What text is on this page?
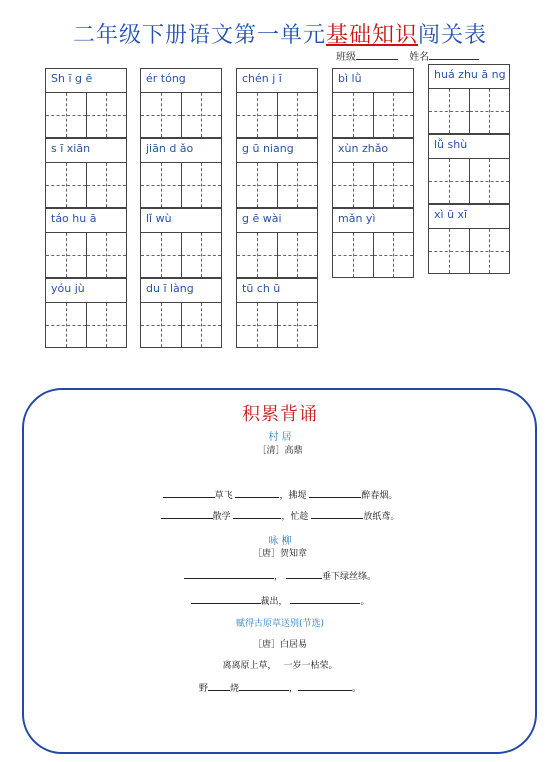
二年级下册语文第一单元基础知识闯关表
班级	姓名
Sh ī g ē
s ī xiān
táo hu ā
yóu jù
ér tóng
jiān d ǎo
lǐ wù
du ī làng
chén j ī
g ū niang
g ē wài
tū ch ū
bì lǜ
xùn zhǎo
mǎn yì
huá zhu ā ng
lǚ shù
xì ū xī
积累背诵
村 居
［清］高鼎
草飞	，拂堤	醉春烟。
散学	，忙趁	放纸鸢。
咏 柳
［唐］贺知章
，	垂下绿丝绦。
裁出，	。
赋得古原草送别(节选)
［唐］白居易
离离原上草， 一岁一枯荣。
野 烧	，	。
